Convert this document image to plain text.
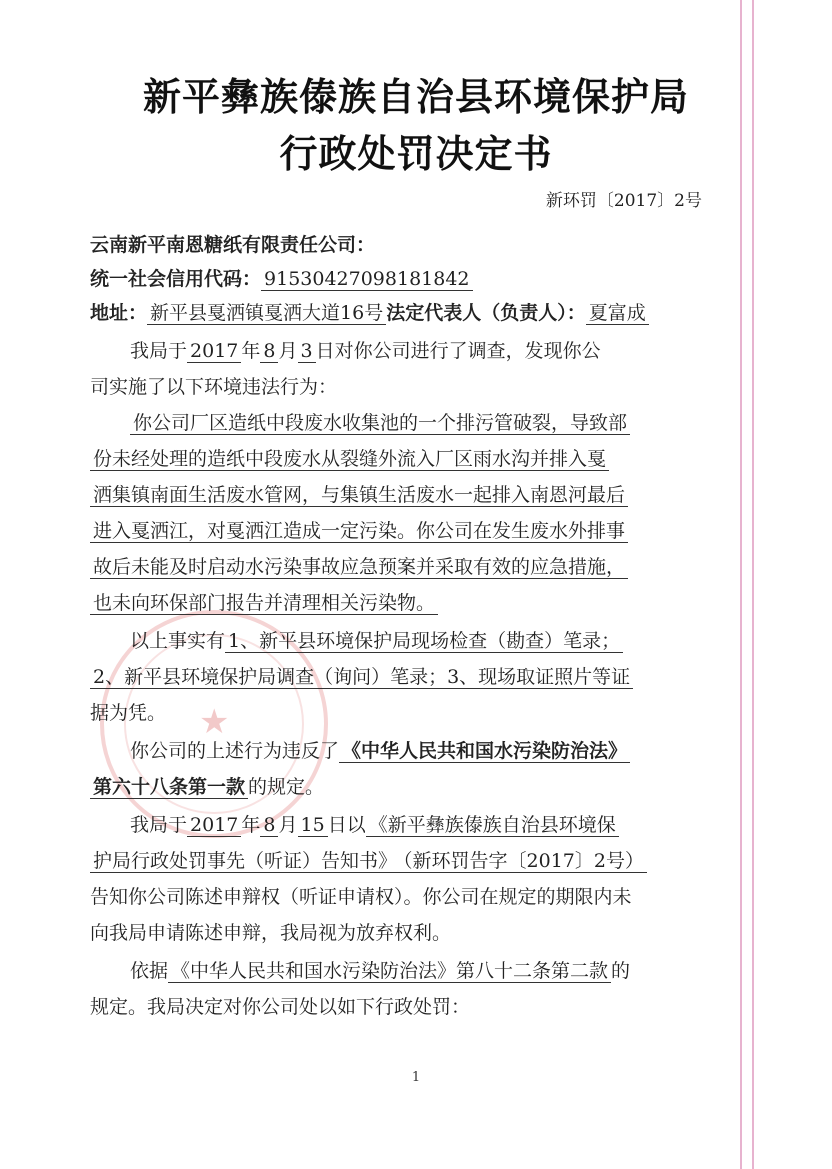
★
新平彝族傣族自治县环境保护局
行政处罚决定书
新环罚〔2017〕2号
云南新平南恩糖纸有限责任公司：
统一社会信用代码： 91530427098181842
地址： 新平县戛洒镇戛洒大道16号 法定代表人（负责人）： 夏富成
我局于 2017 年 8 月 3 日对你公司进行了调查，发现你公
司实施了以下环境违法行为：
你公司厂区造纸中段废水收集池的一个排污管破裂，导致部
份未经处理的造纸中段废水从裂缝外流入厂区雨水沟并排入戛
洒集镇南面生活废水管网，与集镇生活废水一起排入南恩河最后
进入戛洒江，对戛洒江造成一定污染。你公司在发生废水外排事
故后未能及时启动水污染事故应急预案并采取有效的应急措施，
也未向环保部门报告并清理相关污染物。
以上事实有 1、新平县环境保护局现场检查（勘查）笔录；
2、新平县环境保护局调查（询问）笔录；3、现场取证照片等证
据为凭。
你公司的上述行为违反了 《中华人民共和国水污染防治法》
第六十八条第一款 的规定。
我局于 2017 年 8 月 15 日以 《新平彝族傣族自治县环境保
护局行政处罚事先（听证）告知书》 （新环罚告字〔2017〕2号）
告知你公司陈述申辩权（听证申请权）。你公司在规定的期限内未
向我局申请陈述申辩，我局视为放弃权利。
依据 《中华人民共和国水污染防治法》第八十二条第二款 的
规定。我局决定对你公司处以如下行政处罚：
1
